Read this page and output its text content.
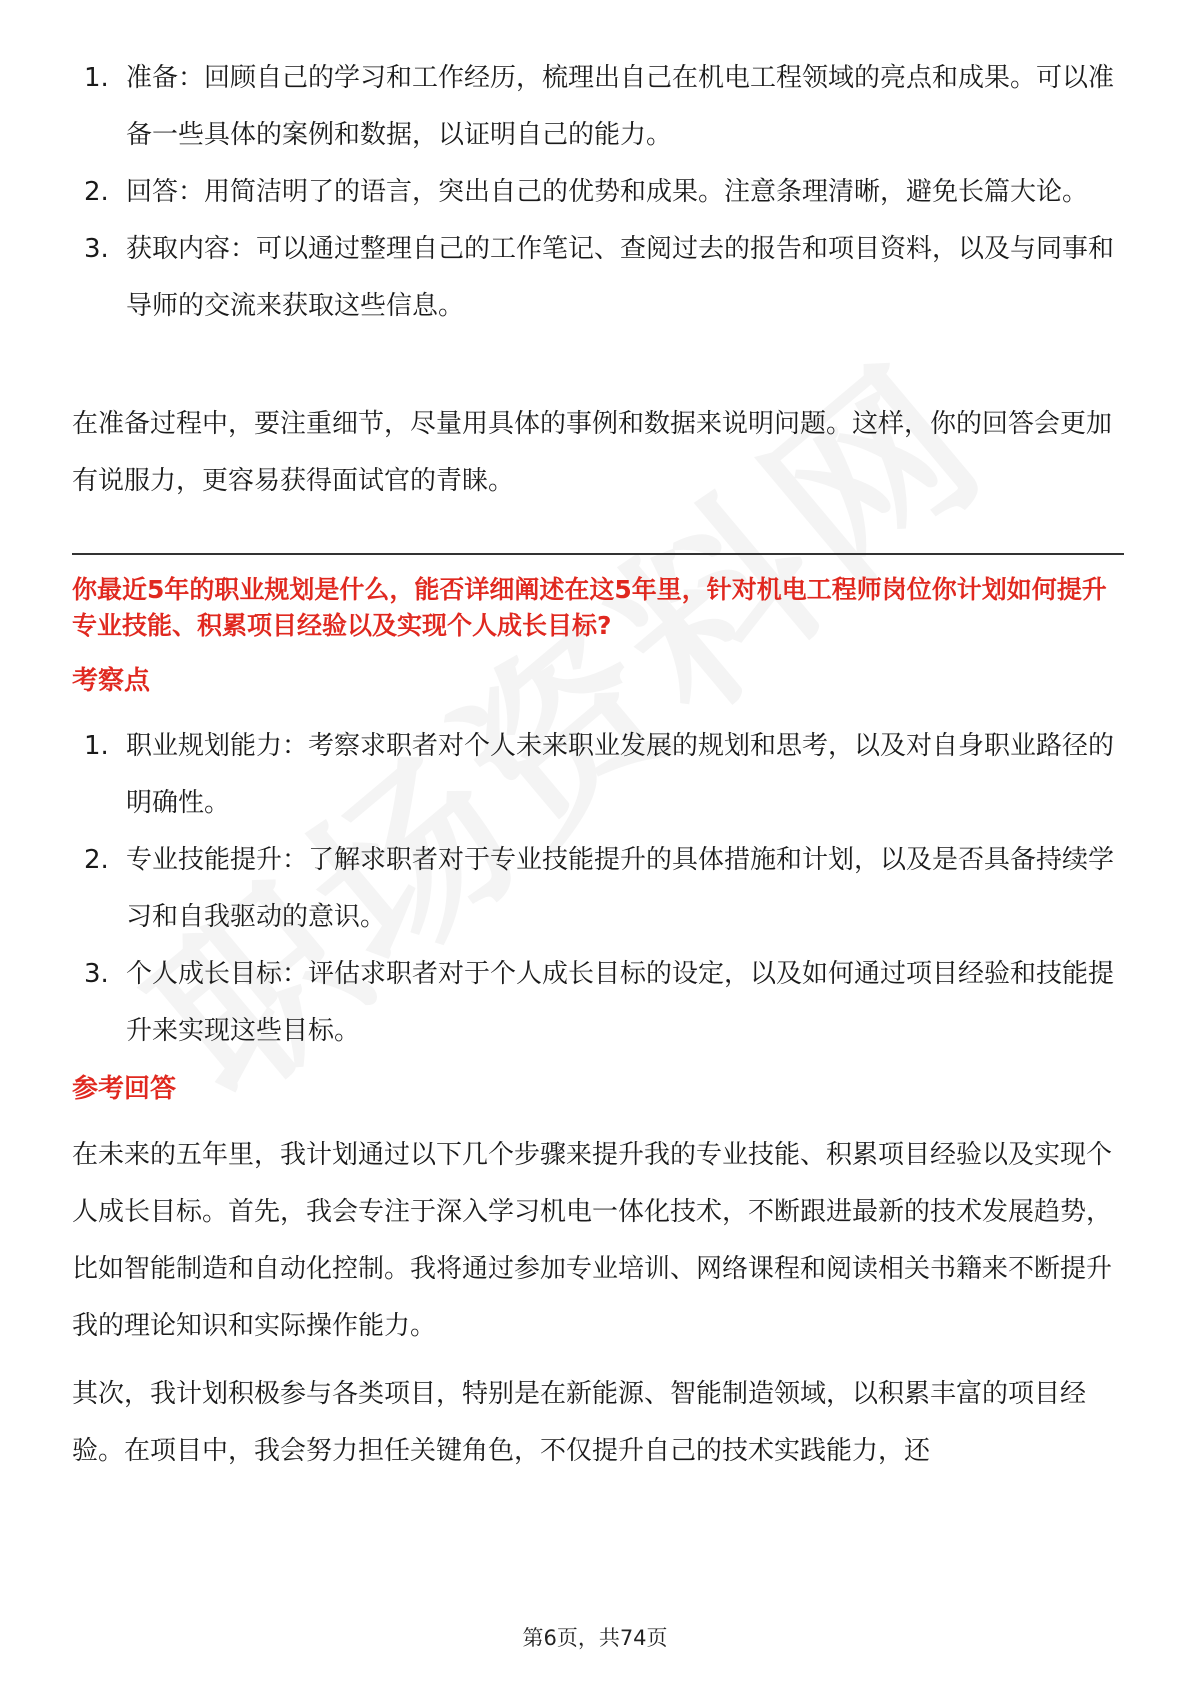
1. 准备：回顾自己的学习和工作经历，梳理出自己在机电工程领域的亮点和成果。可以准备一些具体的案例和数据，以证明自己的能力。
2. 回答：用简洁明了的语言，突出自己的优势和成果。注意条理清晰，避免长篇大论。
3. 获取内容：可以通过整理自己的工作笔记、查阅过去的报告和项目资料，以及与同事和导师的交流来获取这些信息。

在准备过程中，要注重细节，尽量用具体的事例和数据来说明问题。这样，你的回答会更加有说服力，更容易获得面试官的青睐。

你最近5年的职业规划是什么，能否详细阐述在这5年里，针对机电工程师岗位你计划如何提升专业技能、积累项目经验以及实现个人成长目标?

考察点
1. 职业规划能力：考察求职者对个人未来职业发展的规划和思考，以及对自身职业路径的明确性。
2. 专业技能提升：了解求职者对于专业技能提升的具体措施和计划，以及是否具备持续学习和自我驱动的意识。
3. 个人成长目标：评估求职者对于个人成长目标的设定，以及如何通过项目经验和技能提升来实现这些目标。
参考回答

在未来的五年里，我计划通过以下几个步骤来提升我的专业技能、积累项目经验以及实现个人成长目标。首先，我会专注于深入学习机电一体化技术，不断跟进最新的技术发展趋势，比如智能制造和自动化控制。我将通过参加专业培训、网络课程和阅读相关书籍来不断提升我的理论知识和实际操作能力。

其次，我计划积极参与各类项目，特别是在新能源、智能制造领域，以积累丰富的项目经验。在项目中，我会努力担任关键角色，不仅提升自己的技术实践能力，还

第6页，共74页
